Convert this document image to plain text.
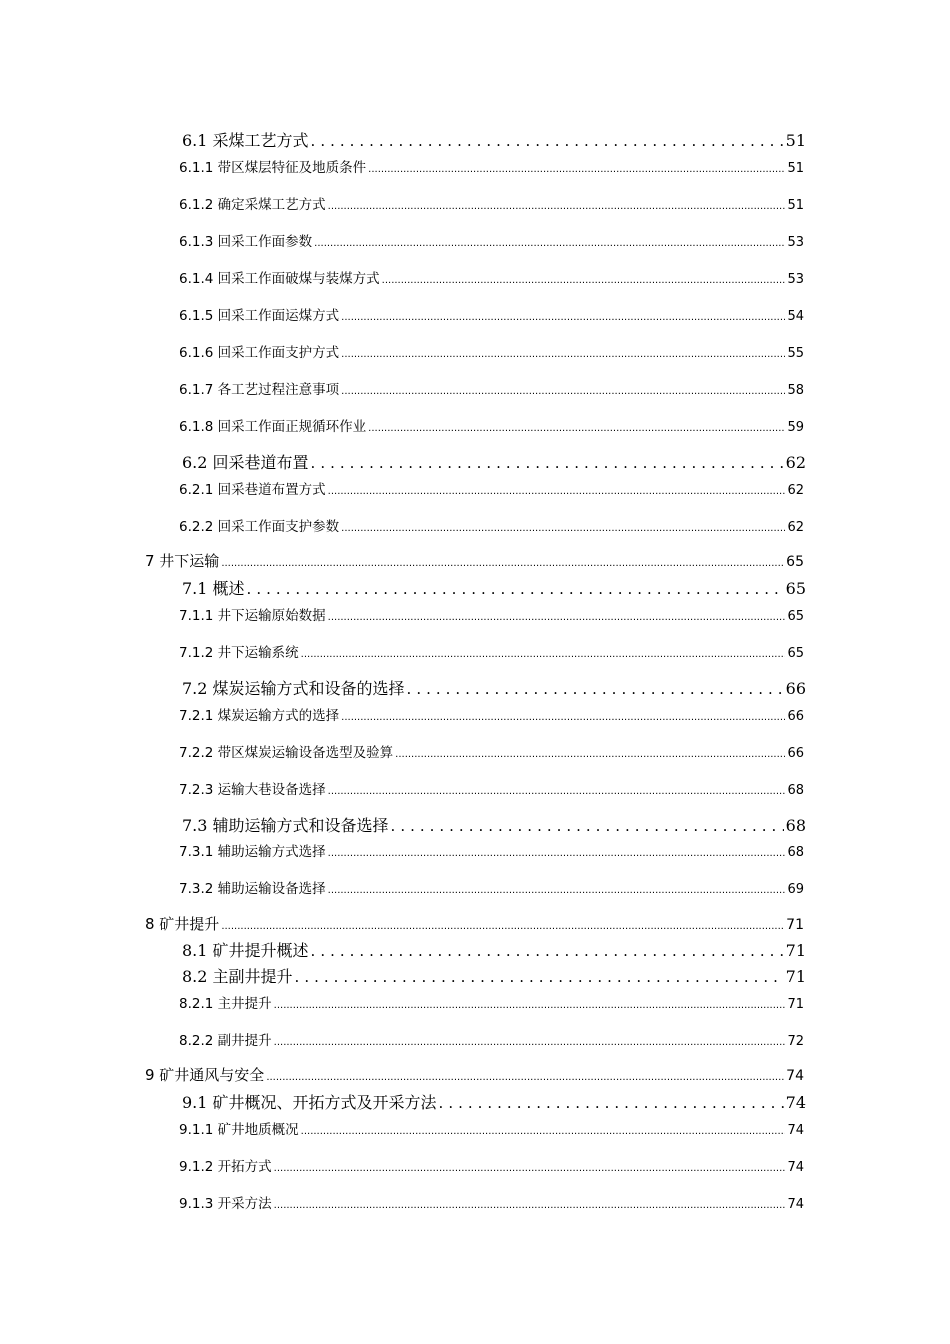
6.1 采煤工艺方式 .....	51
6.1.1 带区煤层特征及地质条件 .....	51
6.1.2 确定采煤工艺方式 .....	51
6.1.3 回采工作面参数 .....	53
6.1.4 回采工作面破煤与装煤方式 .....	53
6.1.5 回采工作面运煤方式 .....	54
6.1.6 回采工作面支护方式 .....	55
6.1.7 各工艺过程注意事项 .....	58
6.1.8 回采工作面正规循环作业 .....	59
6.2 回采巷道布置 .....	62
6.2.1 回采巷道布置方式 .....	62
6.2.2 回采工作面支护参数 .....	62
7 井下运输 .....	65
7.1 概述 .....	65
7.1.1 井下运输原始数据 .....	65
7.1.2 井下运输系统 .....	65
7.2 煤炭运输方式和设备的选择 .....	66
7.2.1 煤炭运输方式的选择 .....	66
7.2.2 带区煤炭运输设备选型及验算 .....	66
7.2.3 运输大巷设备选择 .....	68
7.3 辅助运输方式和设备选择 .....	68
7.3.1 辅助运输方式选择 .....	68
7.3.2 辅助运输设备选择 .....	69
8 矿井提升 .....	71
8.1 矿井提升概述 .....	71
8.2 主副井提升 .....	71
8.2.1 主井提升 .....	71
8.2.2 副井提升 .....	72
9 矿井通风与安全 .....	74
9.1 矿井概况、开拓方式及开采方法 .....	74
9.1.1 矿井地质概况 .....	74
9.1.2 开拓方式 .....	74
9.1.3 开采方法 .....	74
